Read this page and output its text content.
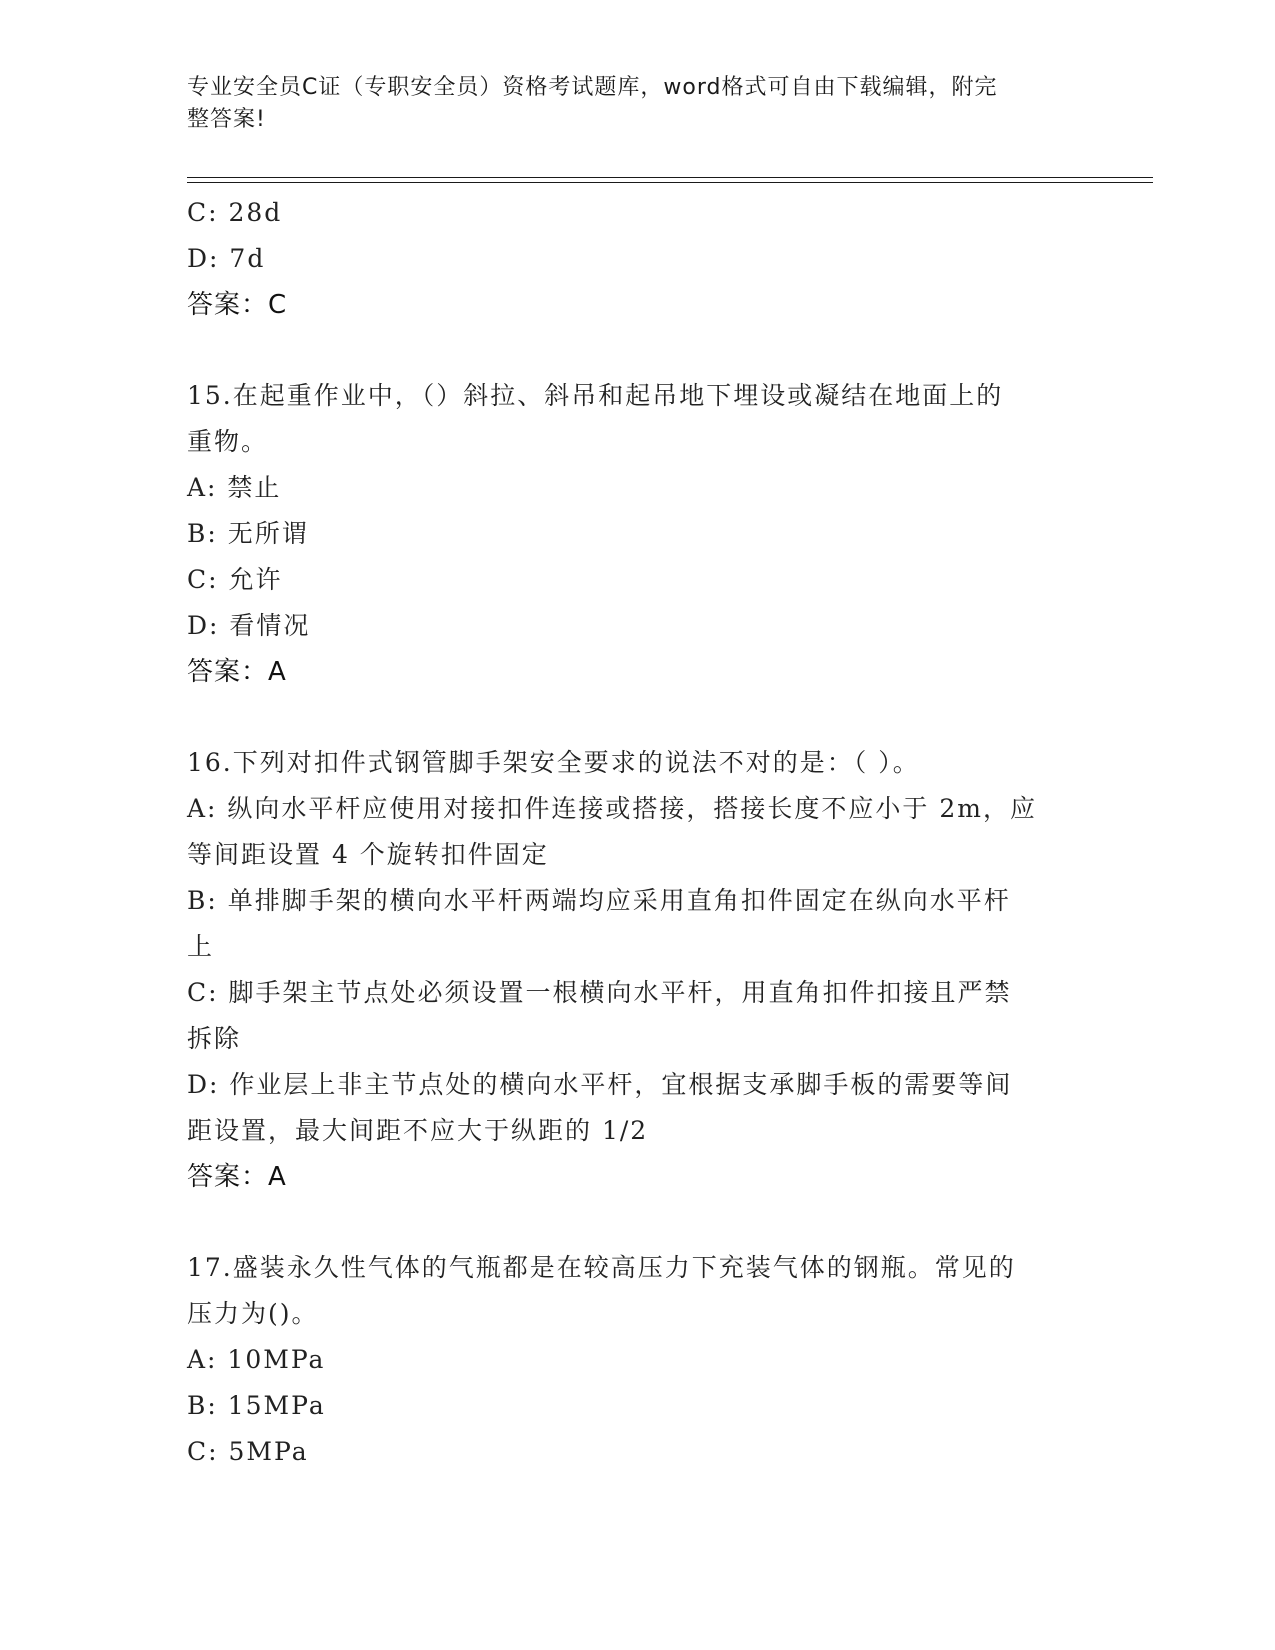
专业安全员C证（专职安全员）资格考试题库，word格式可自由下载编辑，附完
整答案!
C: 28d
D: 7d
答案：C
15.在起重作业中，（）斜拉、斜吊和起吊地下埋设或凝结在地面上的
重物。
A: 禁止
B: 无所谓
C: 允许
D: 看情况
答案：A
16.下列对扣件式钢管脚手架安全要求的说法不对的是：（ ）。
A: 纵向水平杆应使用对接扣件连接或搭接，搭接长度不应小于 2m，应
等间距设置 4 个旋转扣件固定
B: 单排脚手架的横向水平杆两端均应采用直角扣件固定在纵向水平杆
上
C: 脚手架主节点处必须设置一根横向水平杆，用直角扣件扣接且严禁
拆除
D: 作业层上非主节点处的横向水平杆，宜根据支承脚手板的需要等间
距设置，最大间距不应大于纵距的 1/2
答案：A
17.盛装永久性气体的气瓶都是在较高压力下充装气体的钢瓶。常见的
压力为()。
A: 10MPa
B: 15MPa
C: 5MPa
